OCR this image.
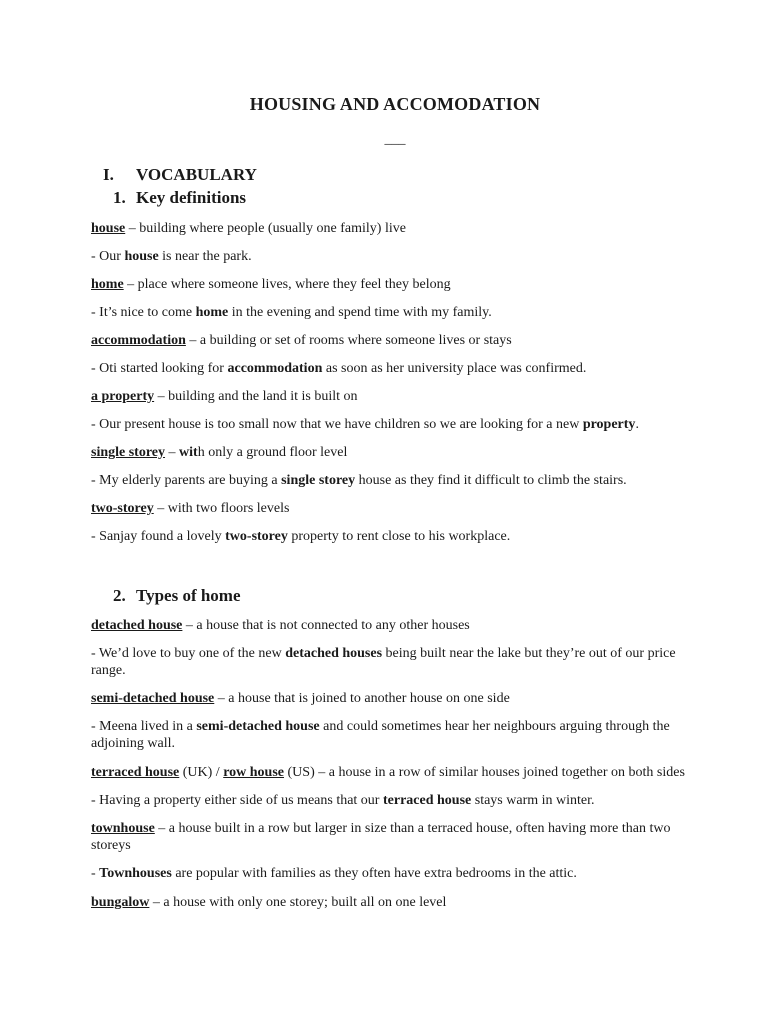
HOUSING AND ACCOMODATION
___
I. VOCABULARY
1. Key definitions
house – building where people (usually one family) live
- Our house is near the park.
home – place where someone lives, where they feel they belong
- It’s nice to come home in the evening and spend time with my family.
accommodation – a building or set of rooms where someone lives or stays
- Oti started looking for accommodation as soon as her university place was confirmed.
a property – building and the land it is built on
- Our present house is too small now that we have children so we are looking for a new property.
single storey – with only a ground floor level
- My elderly parents are buying a single storey house as they find it difficult to climb the stairs.
two-storey – with two floors levels
- Sanjay found a lovely two-storey property to rent close to his workplace.
2. Types of home
detached house – a house that is not connected to any other houses
- We’d love to buy one of the new detached houses being built near the lake but they’re out of our price range.
semi-detached house – a house that is joined to another house on one side
- Meena lived in a semi-detached house and could sometimes hear her neighbours arguing through the adjoining wall.
terraced house (UK) / row house (US) – a house in a row of similar houses joined together on both sides
- Having a property either side of us means that our terraced house stays warm in winter.
townhouse – a house built in a row but larger in size than a terraced house, often having more than two storeys
- Townhouses are popular with families as they often have extra bedrooms in the attic.
bungalow – a house with only one storey; built all on one level
